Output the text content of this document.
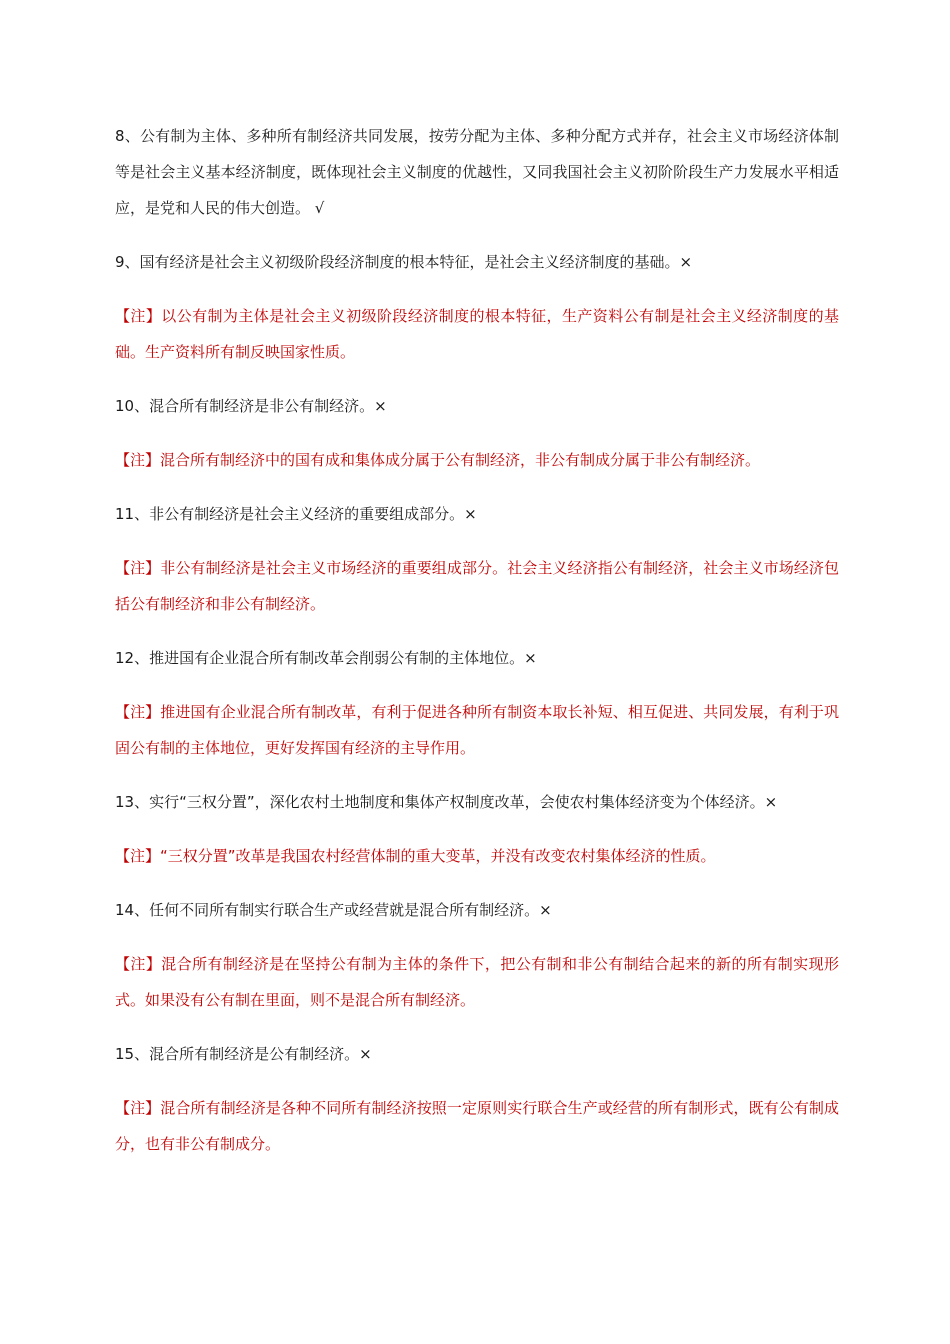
8、公有制为主体、多种所有制经济共同发展，按劳分配为主体、多种分配方式并存，社会主义市场经济体制等是社会主义基本经济制度，既体现社会主义制度的优越性，又同我国社会主义初阶阶段生产力发展水平相适应，是党和人民的伟大创造。 √

9、国有经济是社会主义初级阶段经济制度的根本特征，是社会主义经济制度的基础。×

【注】以公有制为主体是社会主义初级阶段经济制度的根本特征，生产资料公有制是社会主义经济制度的基础。生产资料所有制反映国家性质。

10、混合所有制经济是非公有制经济。×

【注】混合所有制经济中的国有成和集体成分属于公有制经济，非公有制成分属于非公有制经济。

11、非公有制经济是社会主义经济的重要组成部分。×

【注】非公有制经济是社会主义市场经济的重要组成部分。社会主义经济指公有制经济，社会主义市场经济包括公有制经济和非公有制经济。

12、推进国有企业混合所有制改革会削弱公有制的主体地位。×

【注】推进国有企业混合所有制改革，有利于促进各种所有制资本取长补短、相互促进、共同发展，有利于巩固公有制的主体地位，更好发挥国有经济的主导作用。

13、实行“三权分置”，深化农村土地制度和集体产权制度改革，会使农村集体经济变为个体经济。×

【注】“三权分置”改革是我国农村经营体制的重大变革，并没有改变农村集体经济的性质。

14、任何不同所有制实行联合生产或经营就是混合所有制经济。×

【注】混合所有制经济是在坚持公有制为主体的条件下，把公有制和非公有制结合起来的新的所有制实现形式。如果没有公有制在里面，则不是混合所有制经济。

15、混合所有制经济是公有制经济。×

【注】混合所有制经济是各种不同所有制经济按照一定原则实行联合生产或经营的所有制形式，既有公有制成分，也有非公有制成分。
